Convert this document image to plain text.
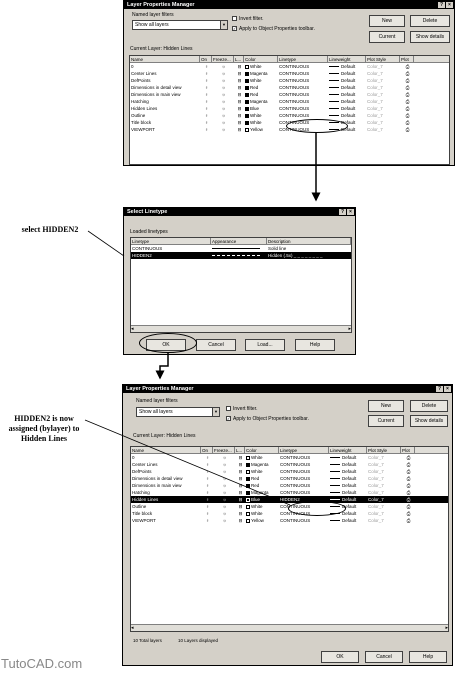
Layer Properties Manager	?	×
Named layer filters
Show all layers	▼
Invert filter.
✓ Apply to Object Properties toolbar.
New	Delete
Current	Show details
Current Layer: Hidden Lines
Name	On	Freeze... L... Color	Linetype	Lineweight	Plot Style	Plot
0	♀	☼	⊟	White	CONTINUOUS	Default	Color_7	⎙
Center Lines	♀	☼	⊟	Magenta	CONTINUOUS	Default	Color_7	⎙
DefPoints	♀	☼	⊟	White	CONTINUOUS	Default	Color_7	⎙
Dimensions in detail view	♀	☼	⊟	Red	CONTINUOUS	Default	Color_7	⎙
Dimensions in main view	♀	☼	⊟	Red	CONTINUOUS	Default	Color_7	⎙
Hatching	♀	☼	⊟	Magenta	CONTINUOUS	Default	Color_7	⎙
Hidden Lines	♀	☼	⊟	Blue	CONTINUOUS	Default	Color_7	⎙
Outline	♀	☼	⊟	White	CONTINUOUS	Default	Color_7	⎙
Title block	♀	☼	⊟	White	CONTINUOUS	Default	Color_7	⎙
VIEWPORT	♀	☼	⊟	Yellow	CONTINUOUS	Default	Color_7	⎙
Select Linetype	?	×
Loaded linetypes
Linetype	Appearance	Description
CONTINUOUS	Solid line
HIDDEN2	Hidden (.5x) _ _ _ _ _ _ _ _
◂	▸
OK	Cancel	Load...	Help
Layer Properties Manager	?	×
Named layer filters
Show all layers	▼	Invert filter.
✓ Apply to Object Properties toolbar.
New	Delete
Current	Show details
Current Layer: Hidden Lines
Name	On	Freeze... L... Color	Linetype	Lineweight	Plot Style	Plot
0	♀	☼	⊟	White	CONTINUOUS	Default	Color_7	⎙
Center Lines	♀	☼	⊟	Magenta	CONTINUOUS	Default	Color_7	⎙
DefPoints	♀	☼	⊟	White	CONTINUOUS	Default	Color_7	⎙
Dimensions in detail view	♀	☼	⊟	Red	CONTINUOUS	Default	Color_7	⎙
Dimensions in main view	♀	☼	⊟	Red	CONTINUOUS	Default	Color_7	⎙
Hatching	♀	☼	⊟	Magenta	CONTINUOUS	Default	Color_7	⎙
Hidden Lines	♀	☼	⊟	Blue	HIDDEN2	Default	Color_7	⎙
Outline	♀	☼	⊟	White	CONTINUOUS	Default	Color_7	⎙
Title block	♀	☼	⊟	White	CONTINUOUS	Default	Color_7	⎙
VIEWPORT	♀	☼	⊟	Yellow	CONTINUOUS	Default	Color_7	⎙
◂	▸
10 Total layers	10 Layers displayed
OK	Cancel	Help
select HIDDEN2
HIDDEN2 is now assigned (bylayer) to Hidden Lines
TutoCAD.com
